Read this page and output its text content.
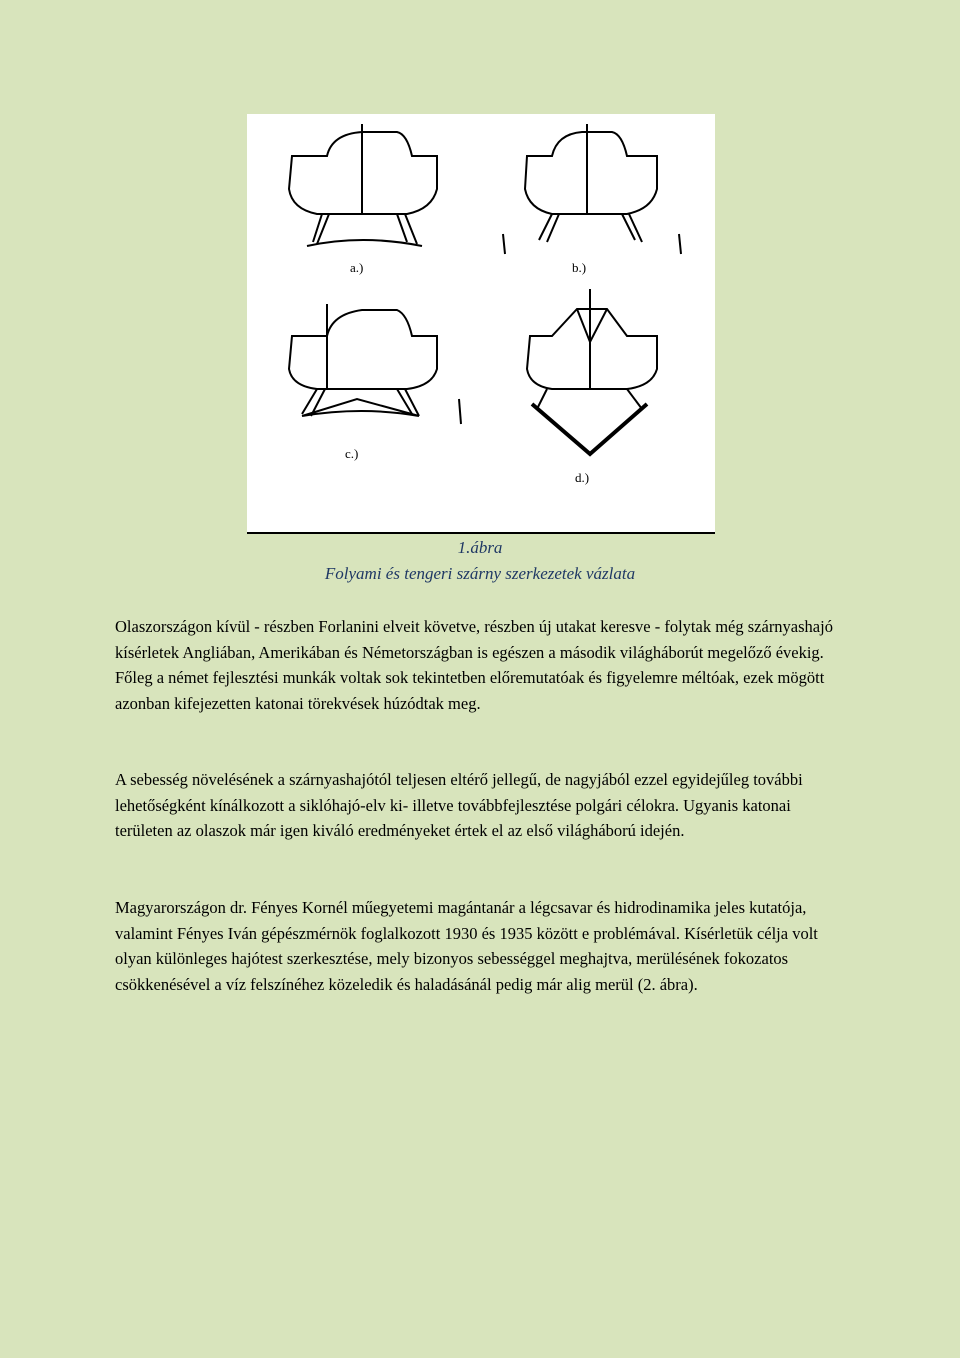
a.)	b.)
c.)
d.)
1.ábra
Folyami és tengeri szárny szerkezetek vázlata

Olaszországon kívül - részben Forlanini elveit követve, részben új utakat keresve - folytak még szárnyashajó kísérletek Angliában, Amerikában és Németországban is egészen a második világháborút megelőző évekig. Főleg a német fejlesztési munkák voltak sok tekintetben előremutatóak és figyelemre méltóak, ezek mögött azonban kifejezetten katonai törekvések húzódtak meg.

A sebesség növelésének a szárnyashajótól teljesen eltérő jellegű, de nagyjából ezzel egyidejűleg további lehetőségként kínálkozott a siklóhajó-elv ki- illetve továbbfejlesztése polgári célokra. Ugyanis katonai területen az olaszok már igen kiváló eredményeket értek el az első világháború idején.

Magyarországon dr. Fényes Kornél műegyetemi magántanár a légcsavar és hidrodinamika jeles kutatója, valamint Fényes Iván gépészmérnök foglalkozott 1930 és 1935 között e problémával. Kísérletük célja volt olyan különleges hajótest szerkesztése, mely bizonyos sebességgel meghajtva, merülésének fokozatos csökkenésével a víz felszínéhez közeledik és haladásánál pedig már alig merül (2. ábra).
